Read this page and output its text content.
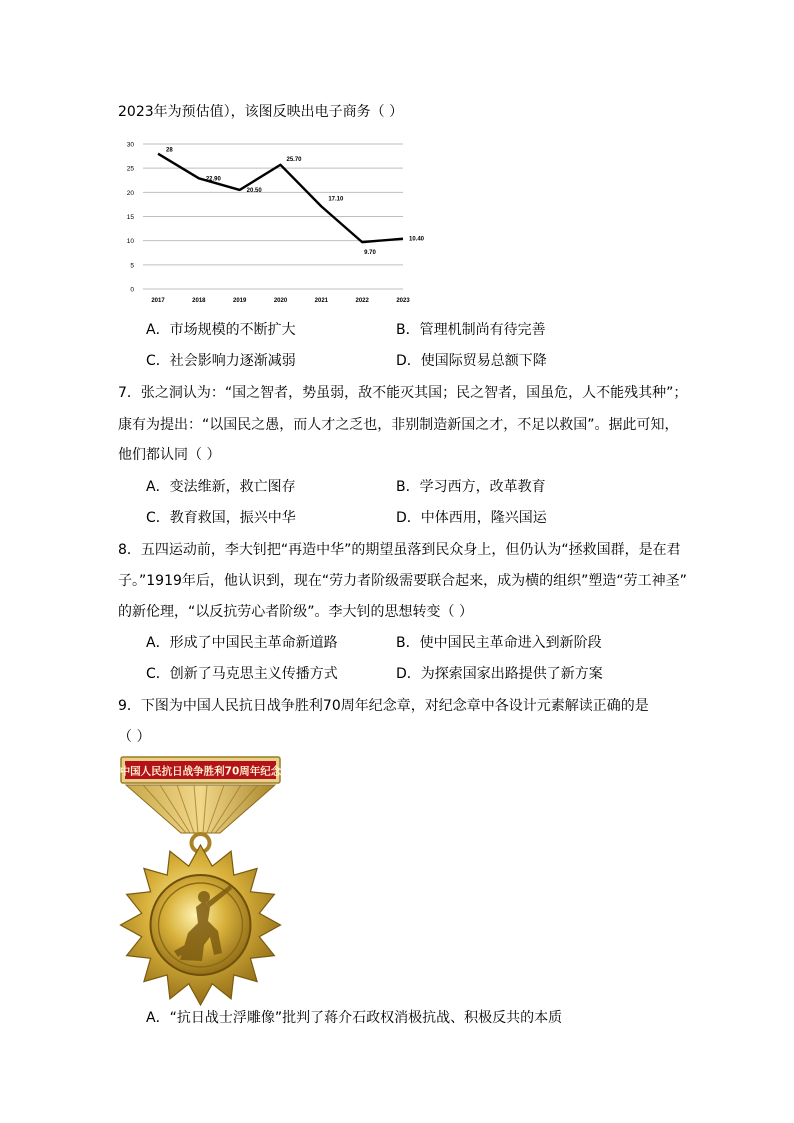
2023年为预估值），该图反映出电子商务（ ）
0
5
10
15
20
25
30
2017	2018	2019	2020	2021	2022	2023
28
22.90
20.50
25.70
17.10
9.70
10.40
A．市场规模的不断扩大	B．管理机制尚有待完善
C．社会影响力逐渐减弱	D．使国际贸易总额下降
7．张之洞认为：“国之智者，势虽弱，敌不能灭其国；民之智者，国虽危，人不能残其种”；
康有为提出：“以国民之愚，而人才之乏也，非别制造新国之才，不足以救国”。据此可知，
他们都认同（ ）
A．变法维新，救亡图存	B．学习西方，改革教育
C．教育救国，振兴中华	D．中体西用，隆兴国运
8．五四运动前，李大钊把“再造中华”的期望虽落到民众身上，但仍认为“拯救国群，是在君
子。”1919年后，他认识到，现在“劳力者阶级需要联合起来，成为横的组织”塑造“劳工神圣”
的新伦理，“以反抗劳心者阶级”。李大钊的思想转变（ ）
A．形成了中国民主革命新道路	B．使中国民主革命进入到新阶段
C．创新了马克思主义传播方式	D．为探索国家出路提供了新方案
9．下图为中国人民抗日战争胜利70周年纪念章，对纪念章中各设计元素解读正确的是
（ ）
中国人民抗日战争胜利70周年纪念
A．“抗日战士浮雕像”批判了蒋介石政权消极抗战、积极反共的本质
